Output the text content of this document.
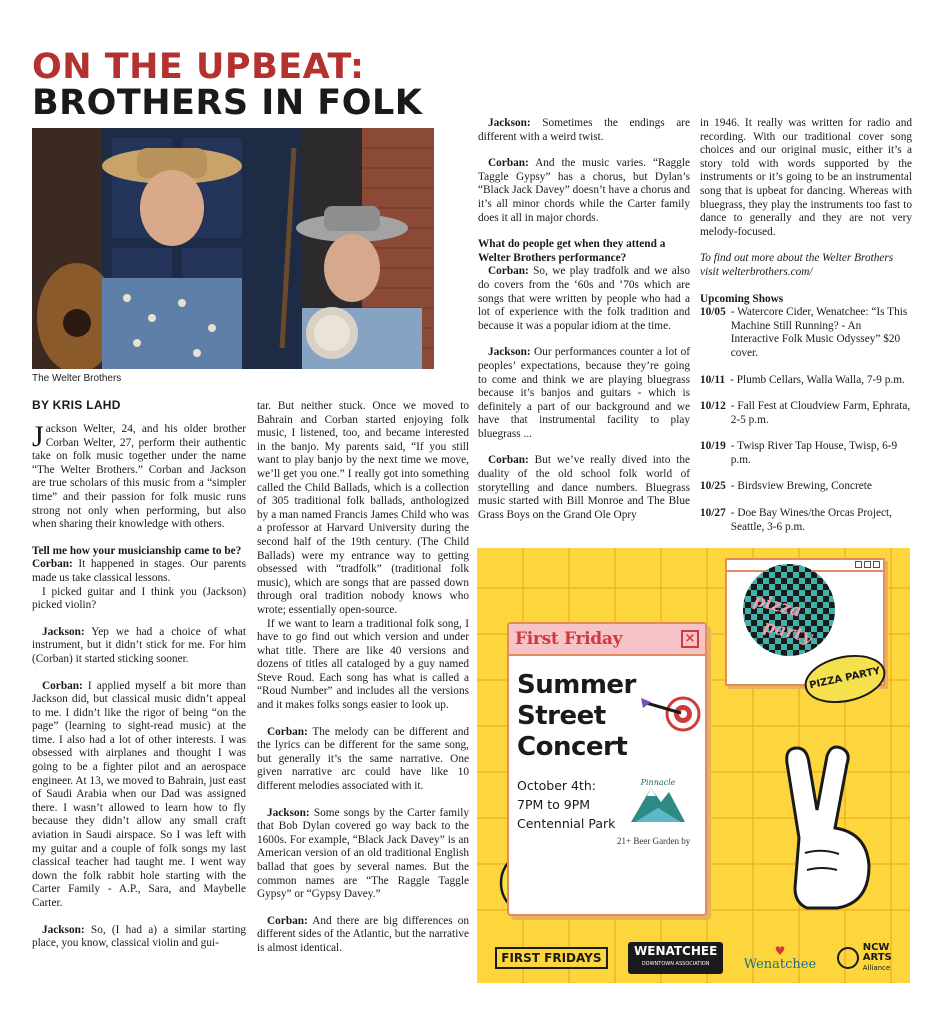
ON THE UPBEAT:
BROTHERS IN FOLK
The Welter Brothers
BY KRIS LAHD

Jackson Welter, 24, and his older brother Corban Welter, 27, perform their authentic take on folk music together under the name “The Welter Brothers.” Corban and Jackson are true scholars of this music from a “simpler time” and their passion for folk music runs strong not only when performing, but also when sharing their knowledge with others.

Tell me how your musicianship came to be?

Corban: It happened in stages. Our parents made us take classical lessons.

I picked guitar and I think you (Jackson) picked violin?

Jackson: Yep we had a choice of what instrument, but it didn’t stick for me. For him (Corban) it started sticking sooner.

Corban: I applied myself a bit more than Jackson did, but classical music didn’t appeal to me. I didn’t like the rigor of being “on the page” (learning to sight-read music) at the time. I also had a lot of other interests. I was obsessed with airplanes and thought I was going to be a fighter pilot and an aerospace engineer. At 13, we moved to Bahrain, just east of Saudi Arabia when our Dad was assigned there. I wasn’t allowed to learn how to fly because they didn’t allow any small craft aviation in Saudi airspace. So I was left with my guitar and a couple of folk songs my last classical teacher had taught me. I went way down the folk rabbit hole starting with the Carter Family - A.P., Sara, and Maybelle Carter.

Jackson: So, (I had a) a similar starting place, you know, classical violin and gui-

tar. But neither stuck. Once we moved to Bahrain and Corban started enjoying folk music, I listened, too, and became interested in the banjo. My parents said, “If you still want to play banjo by the next time we move, we’ll get you one.” I really got into something called the Child Ballads, which is a collection of 305 traditional folk ballads, anthologized by a man named Francis James Child who was a professor at Harvard University during the second half of the 19th century. (The Child Ballads) were my entrance way to getting obsessed with “tradfolk” (traditional folk music), which are songs that are passed down through oral tradition nobody knows who wrote; essentially open-source.

If we want to learn a traditional folk song, I have to go find out which version and under what title. There are like 40 versions and dozens of titles all cataloged by a guy named Steve Roud. Each song has what is called a “Roud Number” and includes all the versions and it makes folks songs easier to look up.

Corban: The melody can be different and the lyrics can be different for the same song, but generally it’s the same narrative. One given narrative arc could have like 10 different melodies associated with it.

Jackson: Some songs by the Carter family that Bob Dylan covered go way back to the 1600s. For example, “Black Jack Davey” is an American version of an old traditional English ballad that goes by several names. But the common names are “The Raggle Taggle Gypsy” or “Gypsy Davey.”

Corban: And there are big differences on different sides of the Atlantic, but the narrative is almost identical.

Jackson: Sometimes the endings are different with a weird twist.

Corban: And the music varies. “Raggle Taggle Gypsy” has a chorus, but Dylan’s “Black Jack Davey” doesn’t have a chorus and it’s all minor chords while the Carter family does it all in major chords.

What do people get when they attend a Welter Brothers performance?

Corban: So, we play tradfolk and we also do covers from the ‘60s and ‘70s which are songs that were written by people who had a lot of experience with the folk tradition and because it was a popular idiom at the time.

Jackson: Our performances counter a lot of peoples’ expectations, because they’re going to come and think we are playing bluegrass because it’s banjos and guitars - which is definitely a part of our background and we have that instrumental facility to play bluegrass ...

Corban: But we’ve really dived into the duality of the old school folk world of storytelling and dance numbers. Bluegrass music started with Bill Monroe and The Blue Grass Boys on the Grand Ole Opry

in 1946. It really was written for radio and recording. With our traditional cover song choices and our original music, either it’s a story told with words supported by the instruments or it’s going to be an instrumental song that is upbeat for dancing. Whereas with bluegrass, they play the instruments too fast to dance to generally and they are not very melody-focused.

To find out more about the Welter Brothers visit welterbrothers.com/

Upcoming Shows

10/05 - Watercore Cider, Wenatchee: “Is This Machine Still Running? - An Interactive Folk Music Odyssey” $20 cover.
10/11 - Plumb Cellars, Walla Walla, 7-9 p.m.
10/12 - Fall Fest at Cloudview Farm, Ephrata, 2-5 p.m.
10/19 - Twisp River Tap House, Twisp, 6-9 p.m.
10/25 - Birdsview Brewing, Concrete
10/27 - Doe Bay Wines/the Orcas Project, Seattle, 3-6 p.m.
pizza
party
PIZZA PARTY
First Friday	×
Summer
Street
Concert
October 4th:
7PM to 9PM
Centennial Park
21+ Beer Garden by
Pinnacle
FIRST FRIDAYS	WENATCHEE
DOWNTOWN ASSOCIATION
♥
Wenatchee
NCW
ARTS
Alliance
